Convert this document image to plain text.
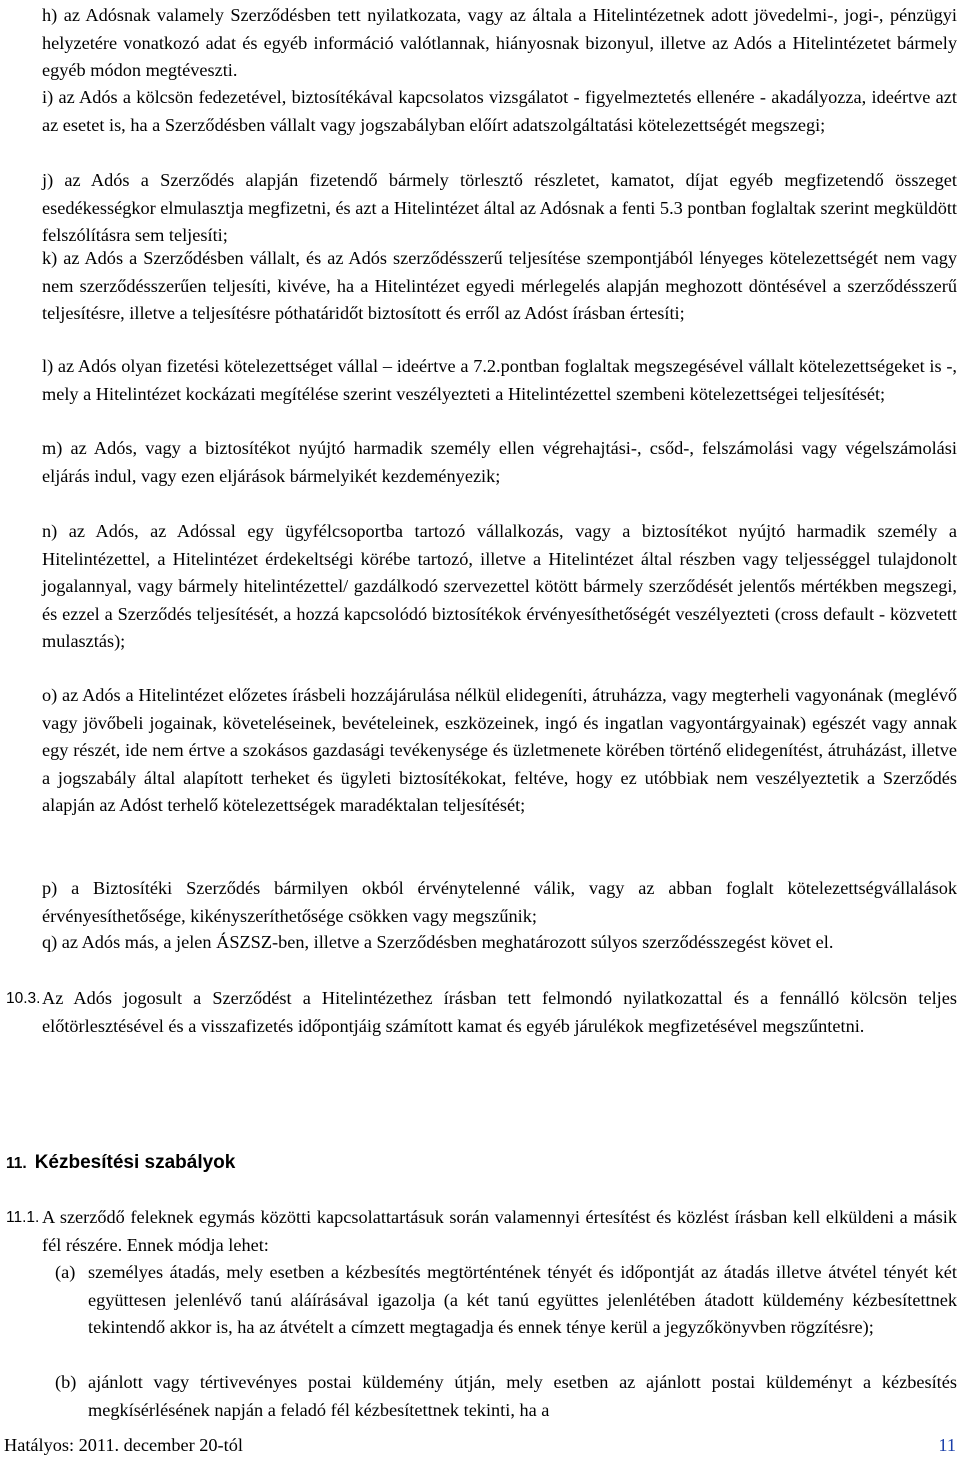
h) az Adósnak valamely Szerződésben tett nyilatkozata, vagy az általa a Hitelintézetnek adott jövedelmi-, jogi-, pénzügyi helyzetére vonatkozó adat és egyéb információ valótlannak, hiányosnak bizonyul, illetve az Adós a Hitelintézetet bármely egyéb módon megtéveszti.

i) az Adós a kölcsön fedezetével, biztosítékával kapcsolatos vizsgálatot - figyelmeztetés ellenére - akadályozza, ideértve azt az esetet is, ha a Szerződésben vállalt vagy jogszabályban előírt adatszolgáltatási kötelezettségét megszegi;

j) az Adós a Szerződés alapján fizetendő bármely törlesztő részletet, kamatot, díjat egyéb megfizetendő összeget esedékességkor elmulasztja megfizetni, és azt a Hitelintézet által az Adósnak a fenti 5.3 pontban foglaltak szerint megküldött felszólításra sem teljesíti;

k) az Adós a Szerződésben vállalt, és az Adós szerződésszerű teljesítése szempontjából lényeges kötelezettségét nem vagy nem szerződésszerűen teljesíti, kivéve, ha a Hitelintézet egyedi mérlegelés alapján meghozott döntésével a szerződésszerű teljesítésre, illetve a teljesítésre póthatáridőt biztosított és erről az Adóst írásban értesíti;

l) az Adós olyan fizetési kötelezettséget vállal – ideértve a 7.2.pontban foglaltak megszegésével vállalt kötelezettségeket is -, mely a Hitelintézet kockázati megítélése szerint veszélyezteti a Hitelintézettel szembeni kötelezettségei teljesítését;

m) az Adós, vagy a biztosítékot nyújtó harmadik személy ellen végrehajtási-, csőd-, felszámolási vagy végelszámolási eljárás indul, vagy ezen eljárások bármelyikét kezdeményezik;

n) az Adós, az Adóssal egy ügyfélcsoportba tartozó vállalkozás, vagy a biztosítékot nyújtó harmadik személy a Hitelintézettel, a Hitelintézet érdekeltségi körébe tartozó, illetve a Hitelintézet által részben vagy teljességgel tulajdonolt jogalannyal, vagy bármely hitelintézettel/ gazdálkodó szervezettel kötött bármely szerződését jelentős mértékben megszegi, és ezzel a Szerződés teljesítését, a hozzá kapcsolódó biztosítékok érvényesíthetőségét veszélyezteti (cross default - közvetett mulasztás);

o) az Adós a Hitelintézet előzetes írásbeli hozzájárulása nélkül elidegeníti, átruházza, vagy megterheli vagyonának (meglévő vagy jövőbeli jogainak, követeléseinek, bevételeinek, eszközeinek, ingó és ingatlan vagyontárgyainak) egészét vagy annak egy részét, ide nem értve a szokásos gazdasági tevékenysége és üzletmenete körében történő elidegenítést, átruházást, illetve a jogszabály által alapított terheket és ügyleti biztosítékokat, feltéve, hogy ez utóbbiak nem veszélyeztetik a Szerződés alapján az Adóst terhelő kötelezettségek maradéktalan teljesítését;

p) a Biztosítéki Szerződés bármilyen okból érvénytelenné válik, vagy az abban foglalt kötelezettségvállalások érvényesíthetősége, kikényszeríthetősége csökken vagy megszűnik;

q) az Adós más, a jelen ÁSZSZ-ben, illetve a Szerződésben meghatározott súlyos szerződésszegést követ el.

10.3. Az Adós jogosult a Szerződést a Hitelintézethez írásban tett felmondó nyilatkozattal és a fennálló kölcsön teljes előtörlesztésével és a visszafizetés időpontjáig számított kamat és egyéb járulékok megfizetésével megszűntetni.

11. Kézbesítési szabályok
11.1. A szerződő feleknek egymás közötti kapcsolattartásuk során valamennyi értesítést és közlést írásban kell elküldeni a másik fél részére. Ennek módja lehet:

(a) személyes átadás, mely esetben a kézbesítés megtörténtének tényét és időpontját az átadás illetve átvétel tényét két együttesen jelenlévő tanú aláírásával igazolja (a két tanú együttes jelenlétében átadott küldemény kézbesítettnek tekintendő akkor is, ha az átvételt a címzett megtagadja és ennek ténye kerül a jegyzőkönyvben rögzítésre);

(b) ajánlott vagy tértivevényes postai küldemény útján, mely esetben az ajánlott postai küldeményt a kézbesítés megkísérlésének napján a feladó fél kézbesítettnek tekinti, ha a

Hatályos: 2011. december 20-tól	11
